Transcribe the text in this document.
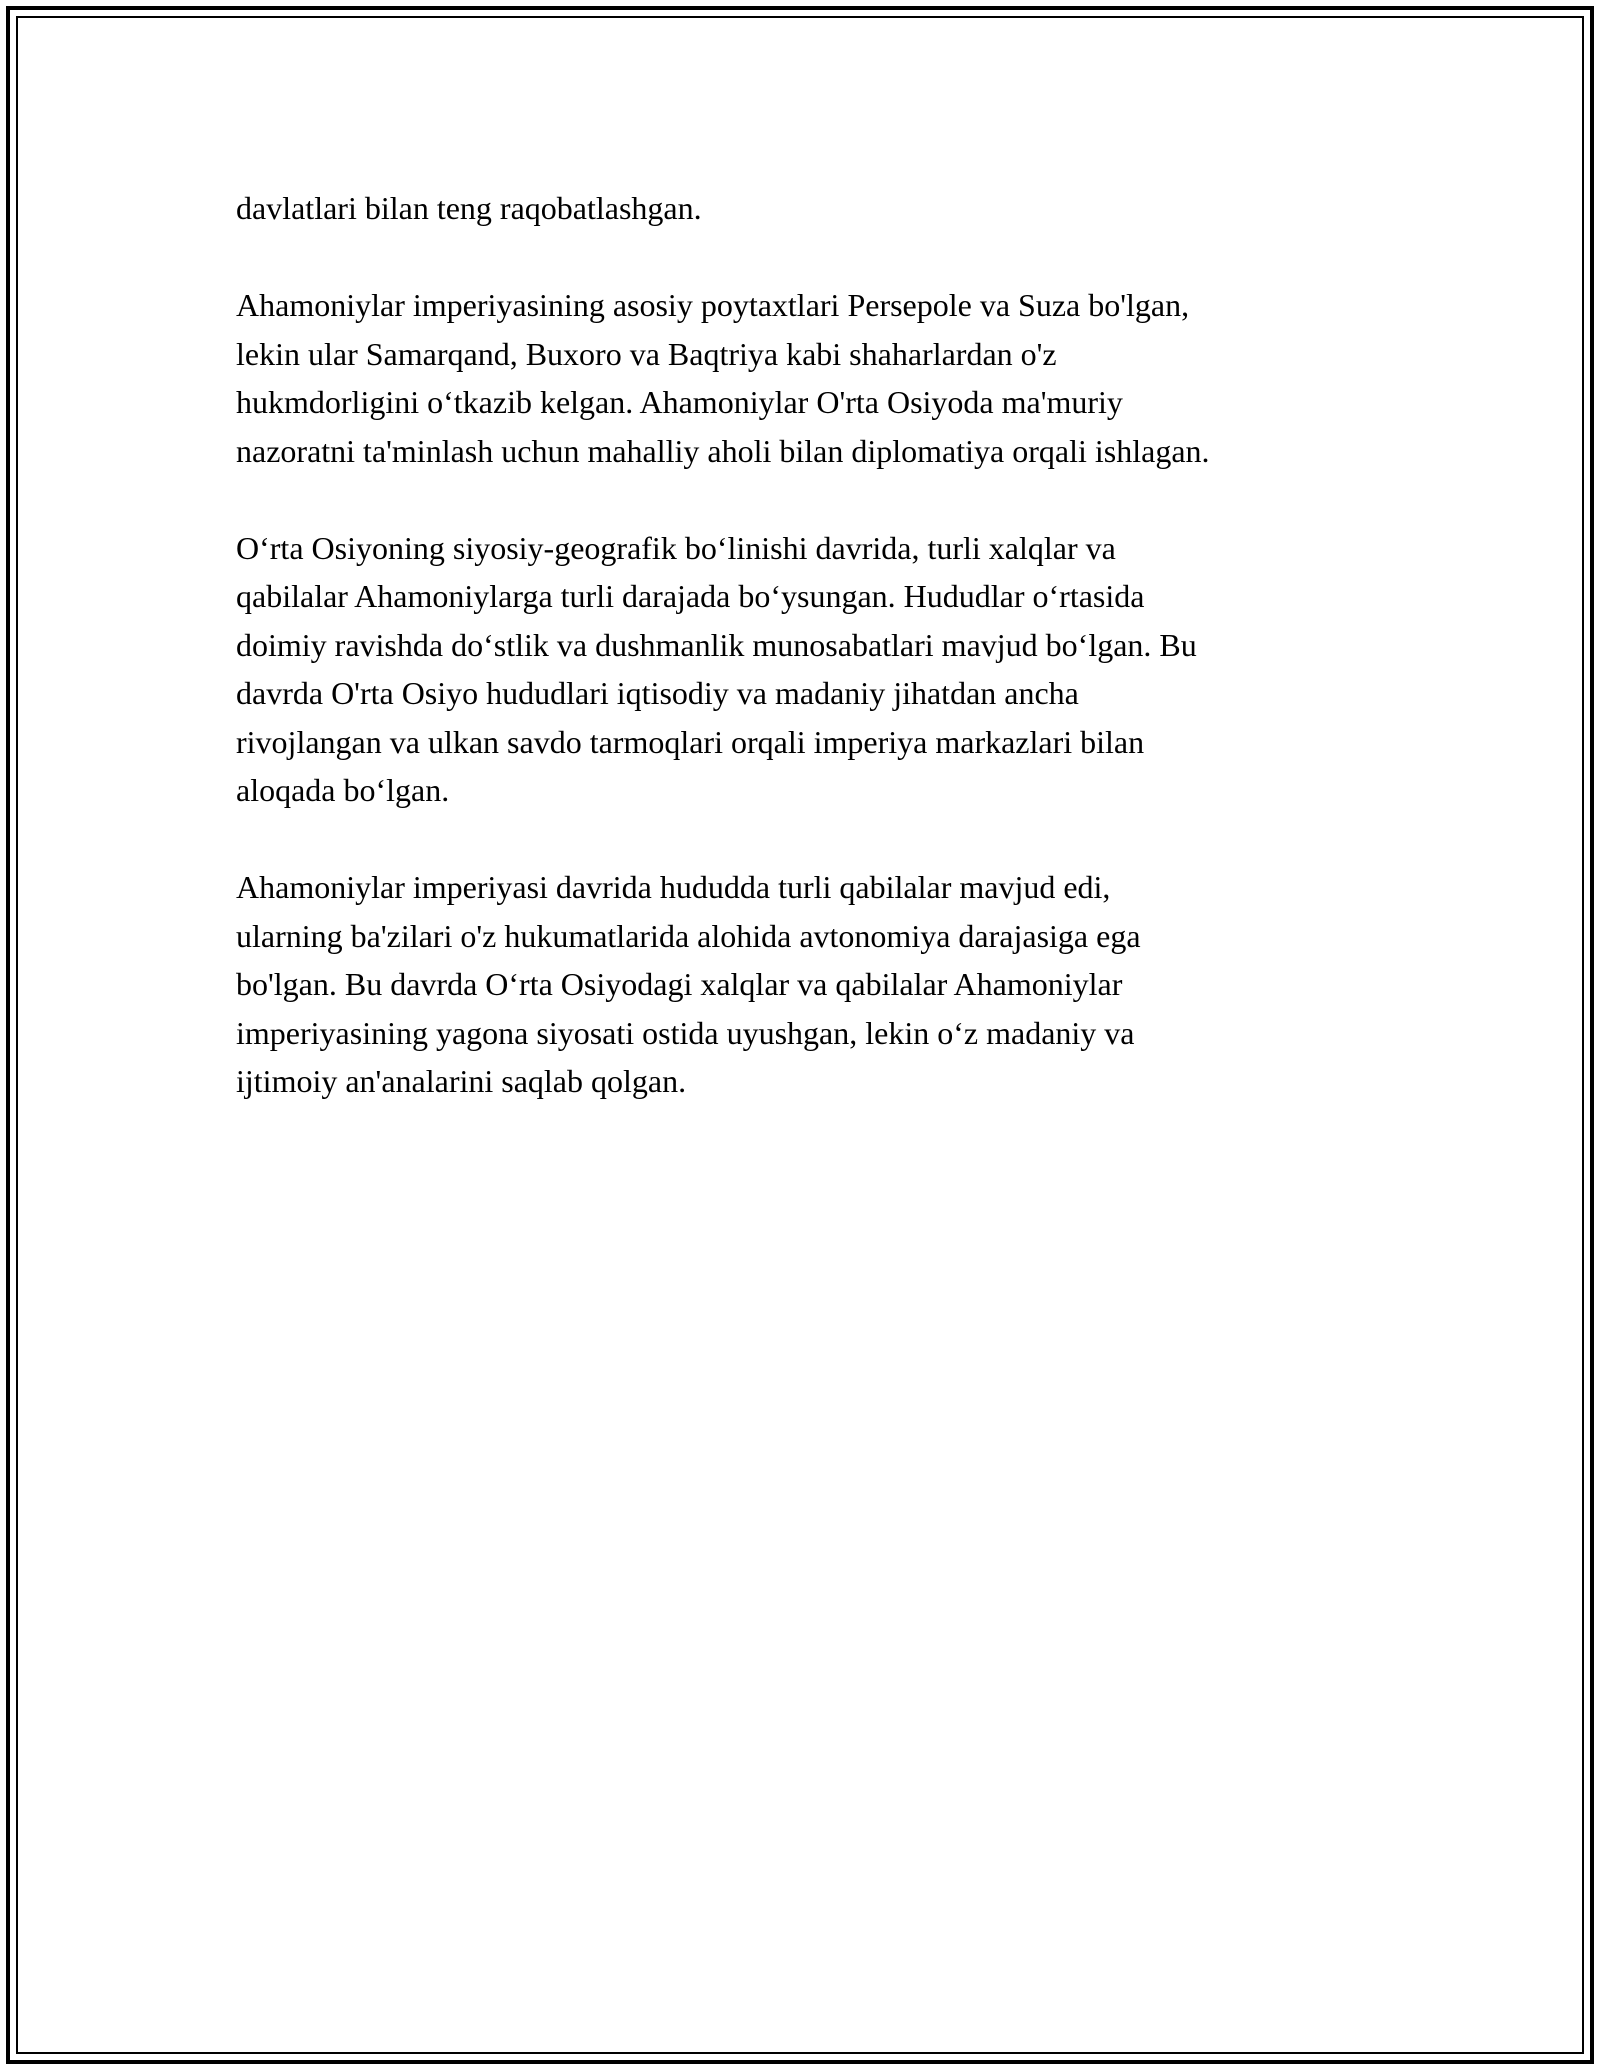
davlatlari bilan teng raqobatlashgan.

Ahamoniylar imperiyasining asosiy poytaxtlari Persepole va Suza bo'lgan,
lekin ular Samarqand, Buxoro va Baqtriya kabi shaharlardan o'z
hukmdorligini o‘tkazib kelgan. Ahamoniylar O'rta Osiyoda ma'muriy
nazoratni ta'minlash uchun mahalliy aholi bilan diplomatiya orqali ishlagan.

O‘rta Osiyoning siyosiy-geografik bo‘linishi davrida, turli xalqlar va
qabilalar Ahamoniylarga turli darajada bo‘ysungan. Hududlar o‘rtasida
doimiy ravishda do‘stlik va dushmanlik munosabatlari mavjud bo‘lgan. Bu
davrda O'rta Osiyo hududlari iqtisodiy va madaniy jihatdan ancha
rivojlangan va ulkan savdo tarmoqlari orqali imperiya markazlari bilan
aloqada bo‘lgan.

Ahamoniylar imperiyasi davrida hududda turli qabilalar mavjud edi,
ularning ba'zilari o'z hukumatlarida alohida avtonomiya darajasiga ega
bo'lgan. Bu davrda O‘rta Osiyodagi xalqlar va qabilalar Ahamoniylar
imperiyasining yagona siyosati ostida uyushgan, lekin o‘z madaniy va
ijtimoiy an'analarini saqlab qolgan.
